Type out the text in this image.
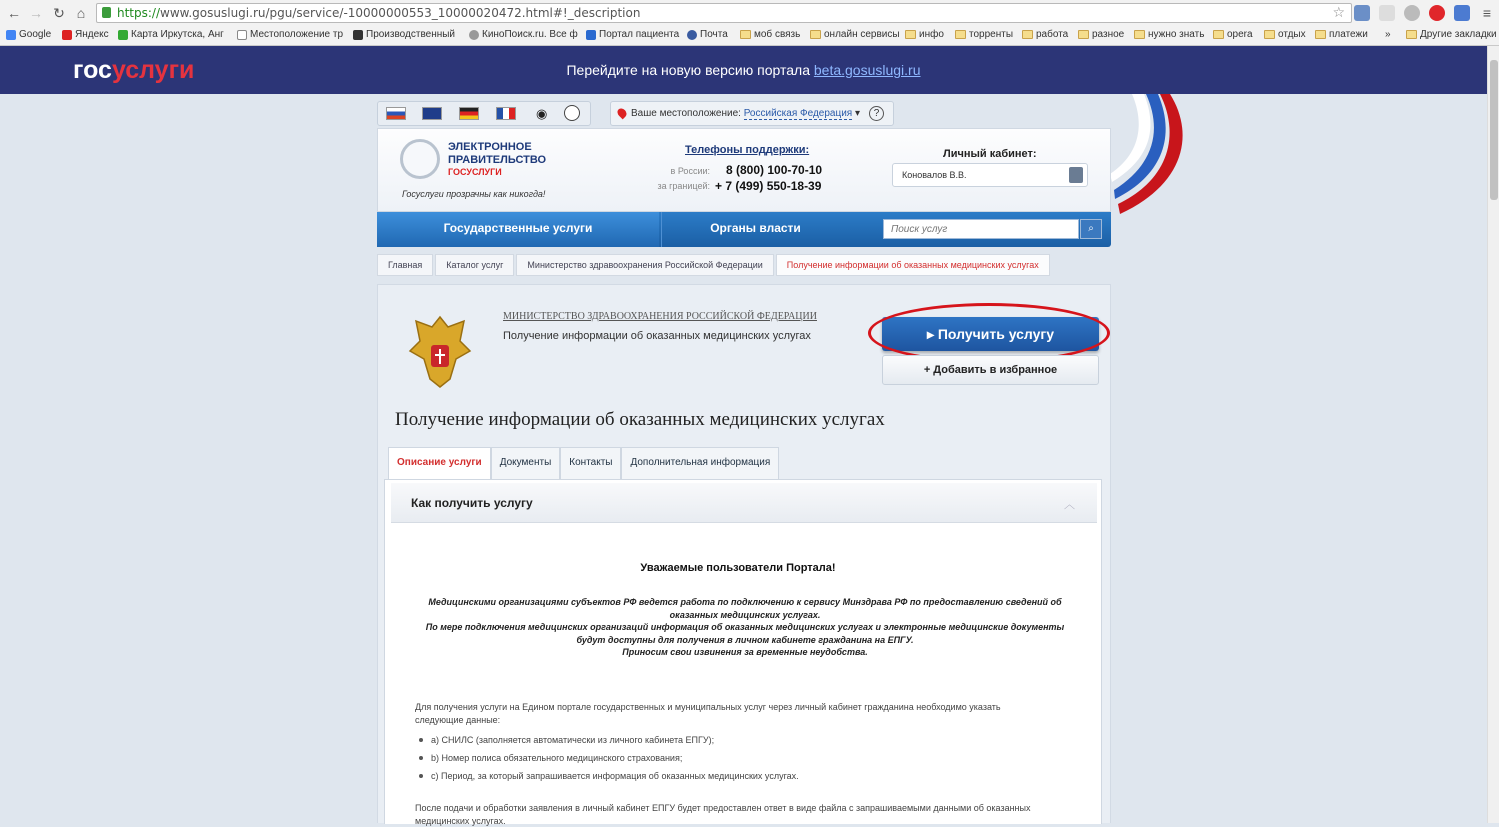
← → ↻ ⌂	https://www.gosuslugi.ru/pgu/service/-10000000553_10000020472.html#!_description	☆	≡
Google Яндекс Карта Иркутска, Анг	Местоположение тр Производственный	КиноПоиск.ru. Все ф Портал пациента Почта	моб связь онлайн сервисы инфо	торренты работа разное нужно знать opera	отдых платежи »	Другие закладки
госуслуги	Перейдите на новую версию портала beta.gosuslugi.ru
◉	Ваше местоположение: Российская Федерация ▾	?
ЭЛЕКТРОННОЕ
ПРАВИТЕЛЬСТВО
ГОСУСЛУГИ
Госуслуги прозрачны как никогда!
Телефоны поддержки:
в России: 8 (800) 100-70-10
за границей: + 7 (499) 550-18-39
Личный кабинет:
Коновалов В.В.
Государственные услуги	Органы власти
Поиск услуг	⌕
Главная	Каталог услуг	Министерство здравоохранения Российской Федерации	Получение информации об оказанных медицинских услугах
МИНИСТЕРСТВО ЗДРАВООХРАНЕНИЯ РОССИЙСКОЙ ФЕДЕРАЦИИ
Получение информации об оказанных медицинских услугах	▸ Получить услугу
+ Добавить в избранное
Получение информации об оказанных медицинских услугах
Описание услуги	Документы	Контакты	Дополнительная информация
Как получить услугу	︿
Уважаемые пользователи Портала!
Медицинскими организациями субъектов РФ ведется работа по подключению к сервису Минздрава РФ по предоставлению сведений об
оказанных медицинских услугах.
По мере подключения медицинских организаций информация об оказанных медицинских услугах и электронные медицинские документы
будут доступны для получения в личном кабинете гражданина на ЕПГУ.
Приносим свои извинения за временные неудобства.
Для получения услуги на Едином портале государственных и муниципальных услуг через личный кабинет гражданина необходимо указать
следующие данные:
a) СНИЛС (заполняется автоматически из личного кабинета ЕПГУ);
b) Номер полиса обязательного медицинского страхования;
c) Период, за который запрашивается информация об оказанных медицинских услугах.
После подачи и обработки заявления в личный кабинет ЕПГУ будет предоставлен ответ в виде файла с запрашиваемыми данными об оказанных
медицинских услугах.
